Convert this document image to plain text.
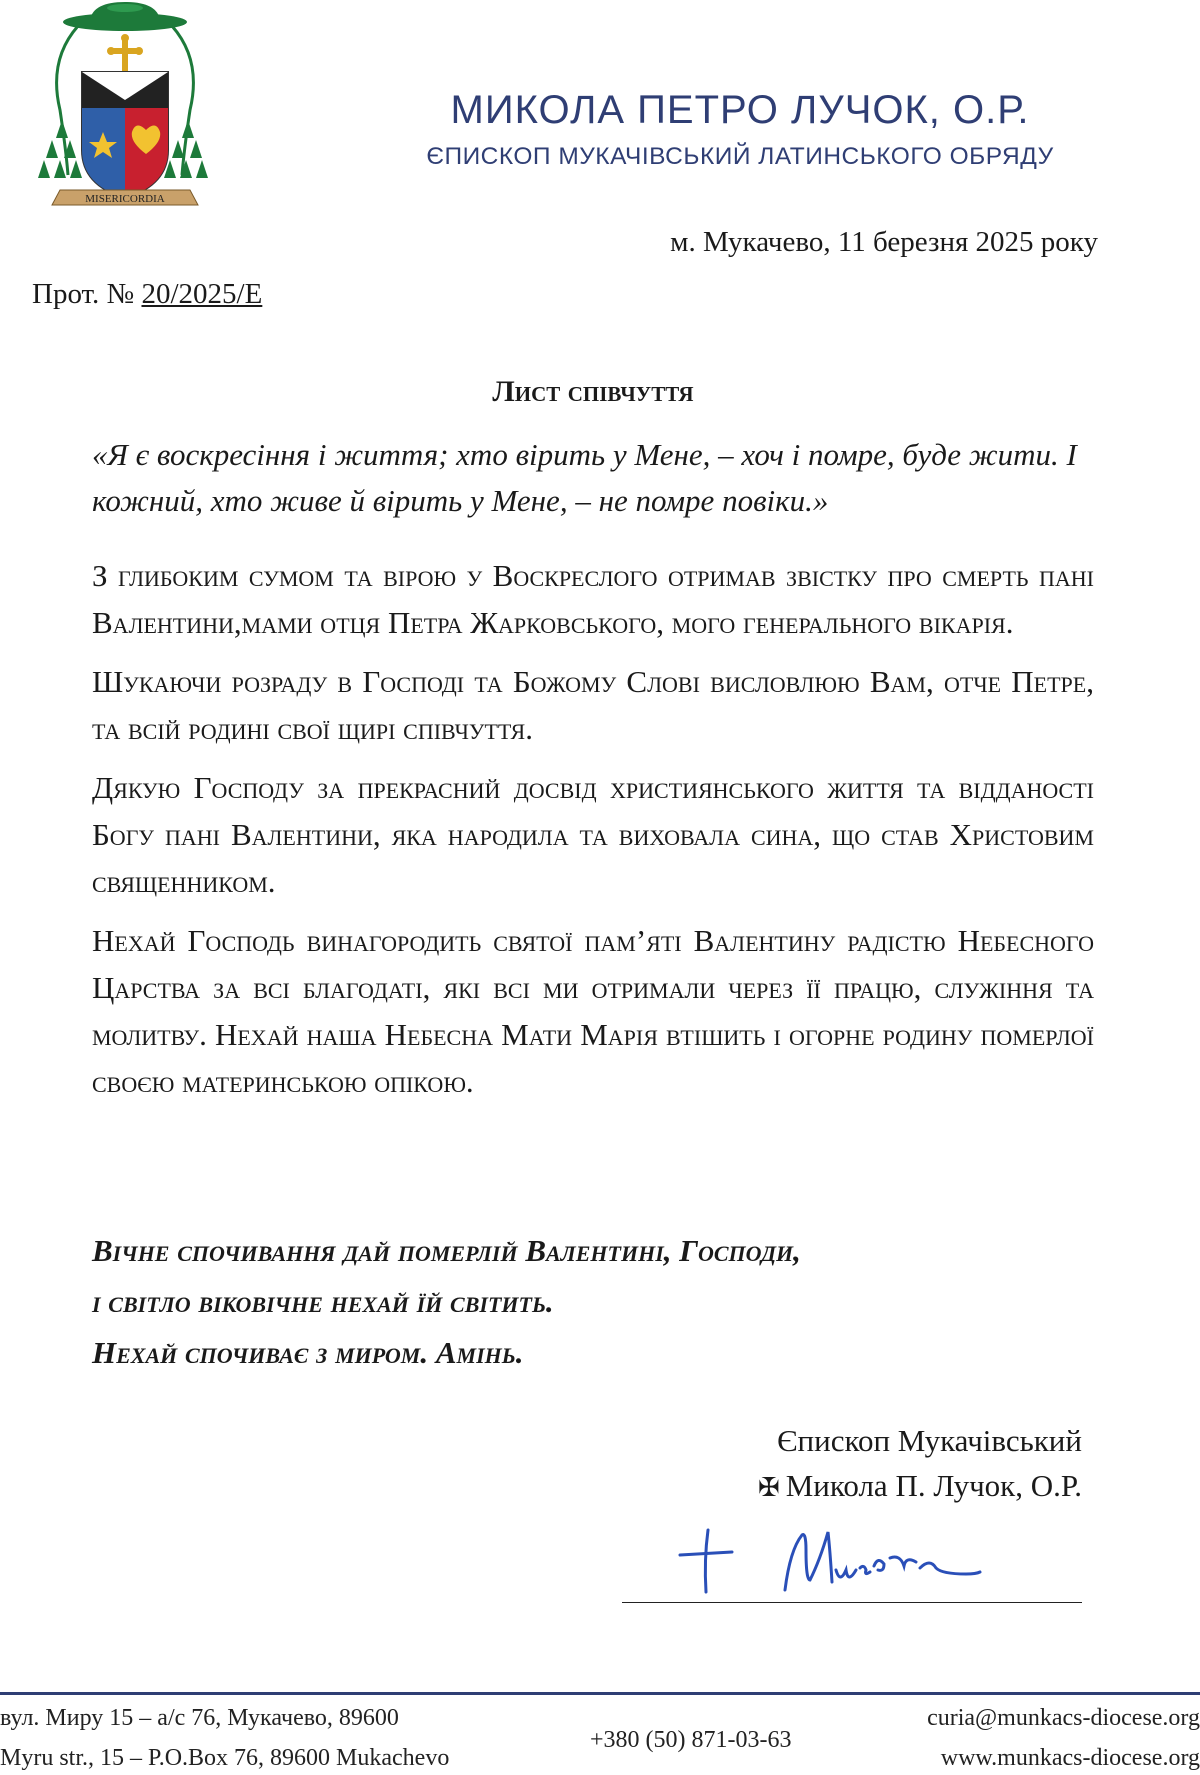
MISERICORDIA
МИКОЛА ПЕТРО ЛУЧОК, О.Р.
ЄПИСКОП МУКАЧІВСЬКИЙ ЛАТИНСЬКОГО ОБРЯДУ
м. Мукачево, 11 березня 2025 року
Прот. № 20/2025/Е
Лист співчуття
«Я є воскресіння і життя; хто вірить у Мене, – хоч і помре, буде жити. І кожний, хто живе й вірить у Мене, – не помре повіки.»

З глибоким сумом та вірою у Воскреслого отримав звістку про смерть пані Валентини,мами отця Петра Жарковського, мого генерального вікарія.

Шукаючи розраду в Господі та Божому Слові висловлюю Вам, отче Петре, та всій родині свої щирі співчуття.

Дякую Господу за прекрасний досвід християнського життя та відданості Богу пані Валентини, яка народила та виховала сина, що став Христовим священником.

Нехай Господь винагородить святої пам’яті Валентину радістю Небесного Царства за всі благодаті, які всі ми отримали через її працю, служіння та молитву. Нехай наша Небесна Мати Марія втішить і огорне родину померлої своєю материнською опікою.

Вічне спочивання дай померлій Валентині, Господи,
і світло віковічне нехай їй світить.
Нехай спочиває з миром. Амінь.
Єпископ Мукачівський
✠ Микола П. Лучок, О.Р.
вул. Миру 15 – а/с 76, Мукачево, 89600
Myru str., 15 – P.O.Box 76, 89600 Mukachevo
+380 (50) 871-03-63
curia@munkacs-diocese.org
www.munkacs-diocese.org
